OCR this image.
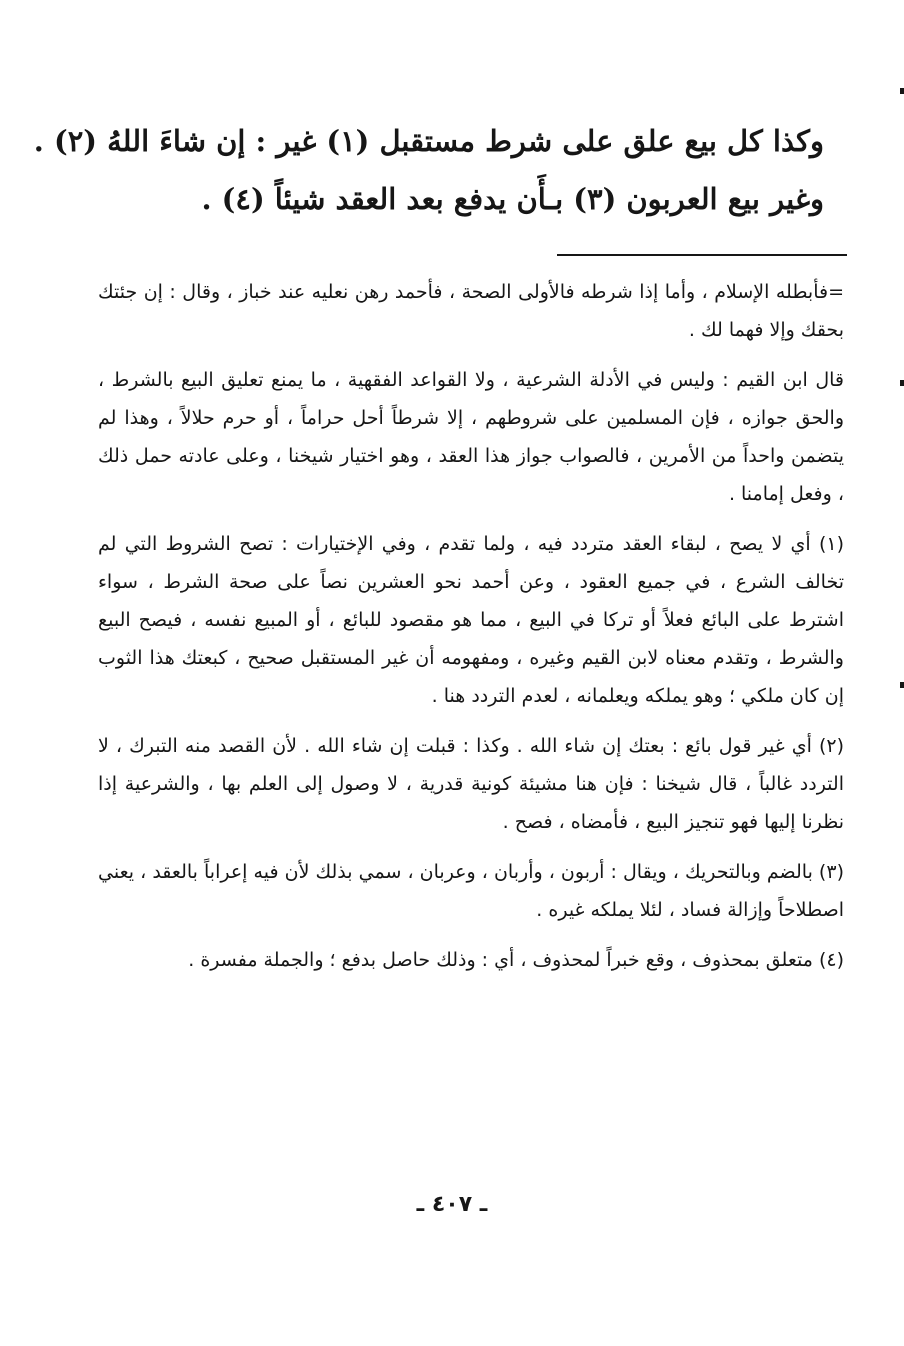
وكذا كل بيع علق على شرط مستقبل (١) غير : إن شاءَ اللهُ (٢) .
وغير بيع العربون (٣) بـأَن يدفع بعد العقد شيئاً (٤) .

=فأبطله الإسلام ، وأما إذا شرطه فالأولى الصحة ، فأحمد رهن نعليه عند خباز ، وقال : إن جئتك بحقك وإلا فهما لك .

قال ابن القيم : وليس في الأدلة الشرعية ، ولا القواعد الفقهية ، ما يمنع تعليق البيع بالشرط ، والحق جوازه ، فإن المسلمين على شروطهم ، إلا شرطاً أحل حراماً ، أو حرم حلالاً ، وهذا لم يتضمن واحداً من الأمرين ، فالصواب جواز هذا العقد ، وهو اختيار شيخنا ، وعلى عادته حمل ذلك ، وفعل إمامنا .

(١) أي لا يصح ، لبقاء العقد متردد فيه ، ولما تقدم ، وفي الإختيارات : تصح الشروط التي لم تخالف الشرع ، في جميع العقود ، وعن أحمد نحو العشرين نصاً على صحة الشرط ، سواء اشترط على البائع فعلاً أو تركا في البيع ، مما هو مقصود للبائع ، أو المبيع نفسه ، فيصح البيع والشرط ، وتقدم معناه لابن القيم وغيره ، ومفهومه أن غير المستقبل صحيح ، كبعتك هذا الثوب إن كان ملكي ؛ وهو يملكه ويعلمانه ، لعدم التردد هنا .

(٢) أي غير قول بائع : بعتك إن شاء الله . وكذا : قبلت إن شاء الله . لأن القصد منه التبرك ، لا التردد غالباً ، قال شيخنا : فإن هنا مشيئة كونية قدرية ، لا وصول إلى العلم بها ، والشرعية إذا نظرنا إليها فهو تنجيز البيع ، فأمضاه ، فصح .

(٣) بالضم وبالتحريك ، ويقال : أربون ، وأربان ، وعربان ، سمي بذلك لأن فيه إعراباً بالعقد ، يعني اصطلاحاً وإزالة فساد ، لئلا يملكه غيره .

(٤) متعلق بمحذوف ، وقع خبراً لمحذوف ، أي : وذلك حاصل بدفع ؛ والجملة مفسرة .

ـ ٤٠٧ ـ
